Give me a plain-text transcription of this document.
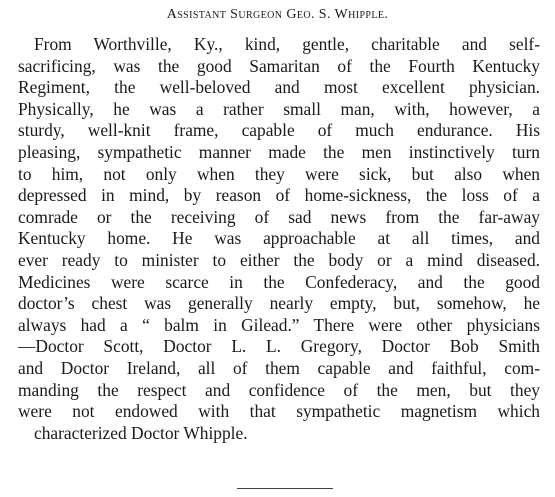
Assistant Surgeon Geo. S. Whipple.
From Worthville, Ky., kind, gentle, charitable and self-
sacrificing, was the good Samaritan of the Fourth Kentucky
Regiment, the well-beloved and most excellent physician.
Physically, he was a rather small man, with, however, a
sturdy, well-knit frame, capable of much endurance. His
pleasing, sympathetic manner made the men instinctively turn
to him, not only when they were sick, but also when
depressed in mind, by reason of home-sickness, the loss of a
comrade or the receiving of sad news from the far-away
Kentucky home. He was approachable at all times, and
ever ready to minister to either the body or a mind diseased.
Medicines were scarce in the Confederacy, and the good
doctor’s chest was generally nearly empty, but, somehow, he
always had a “ balm in Gilead.” There were other physicians
—Doctor Scott, Doctor L. L. Gregory, Doctor Bob Smith
and Doctor Ireland, all of them capable and faithful, com-
manding the respect and confidence of the men, but they
were not endowed with that sympathetic magnetism which
characterized Doctor Whipple.
